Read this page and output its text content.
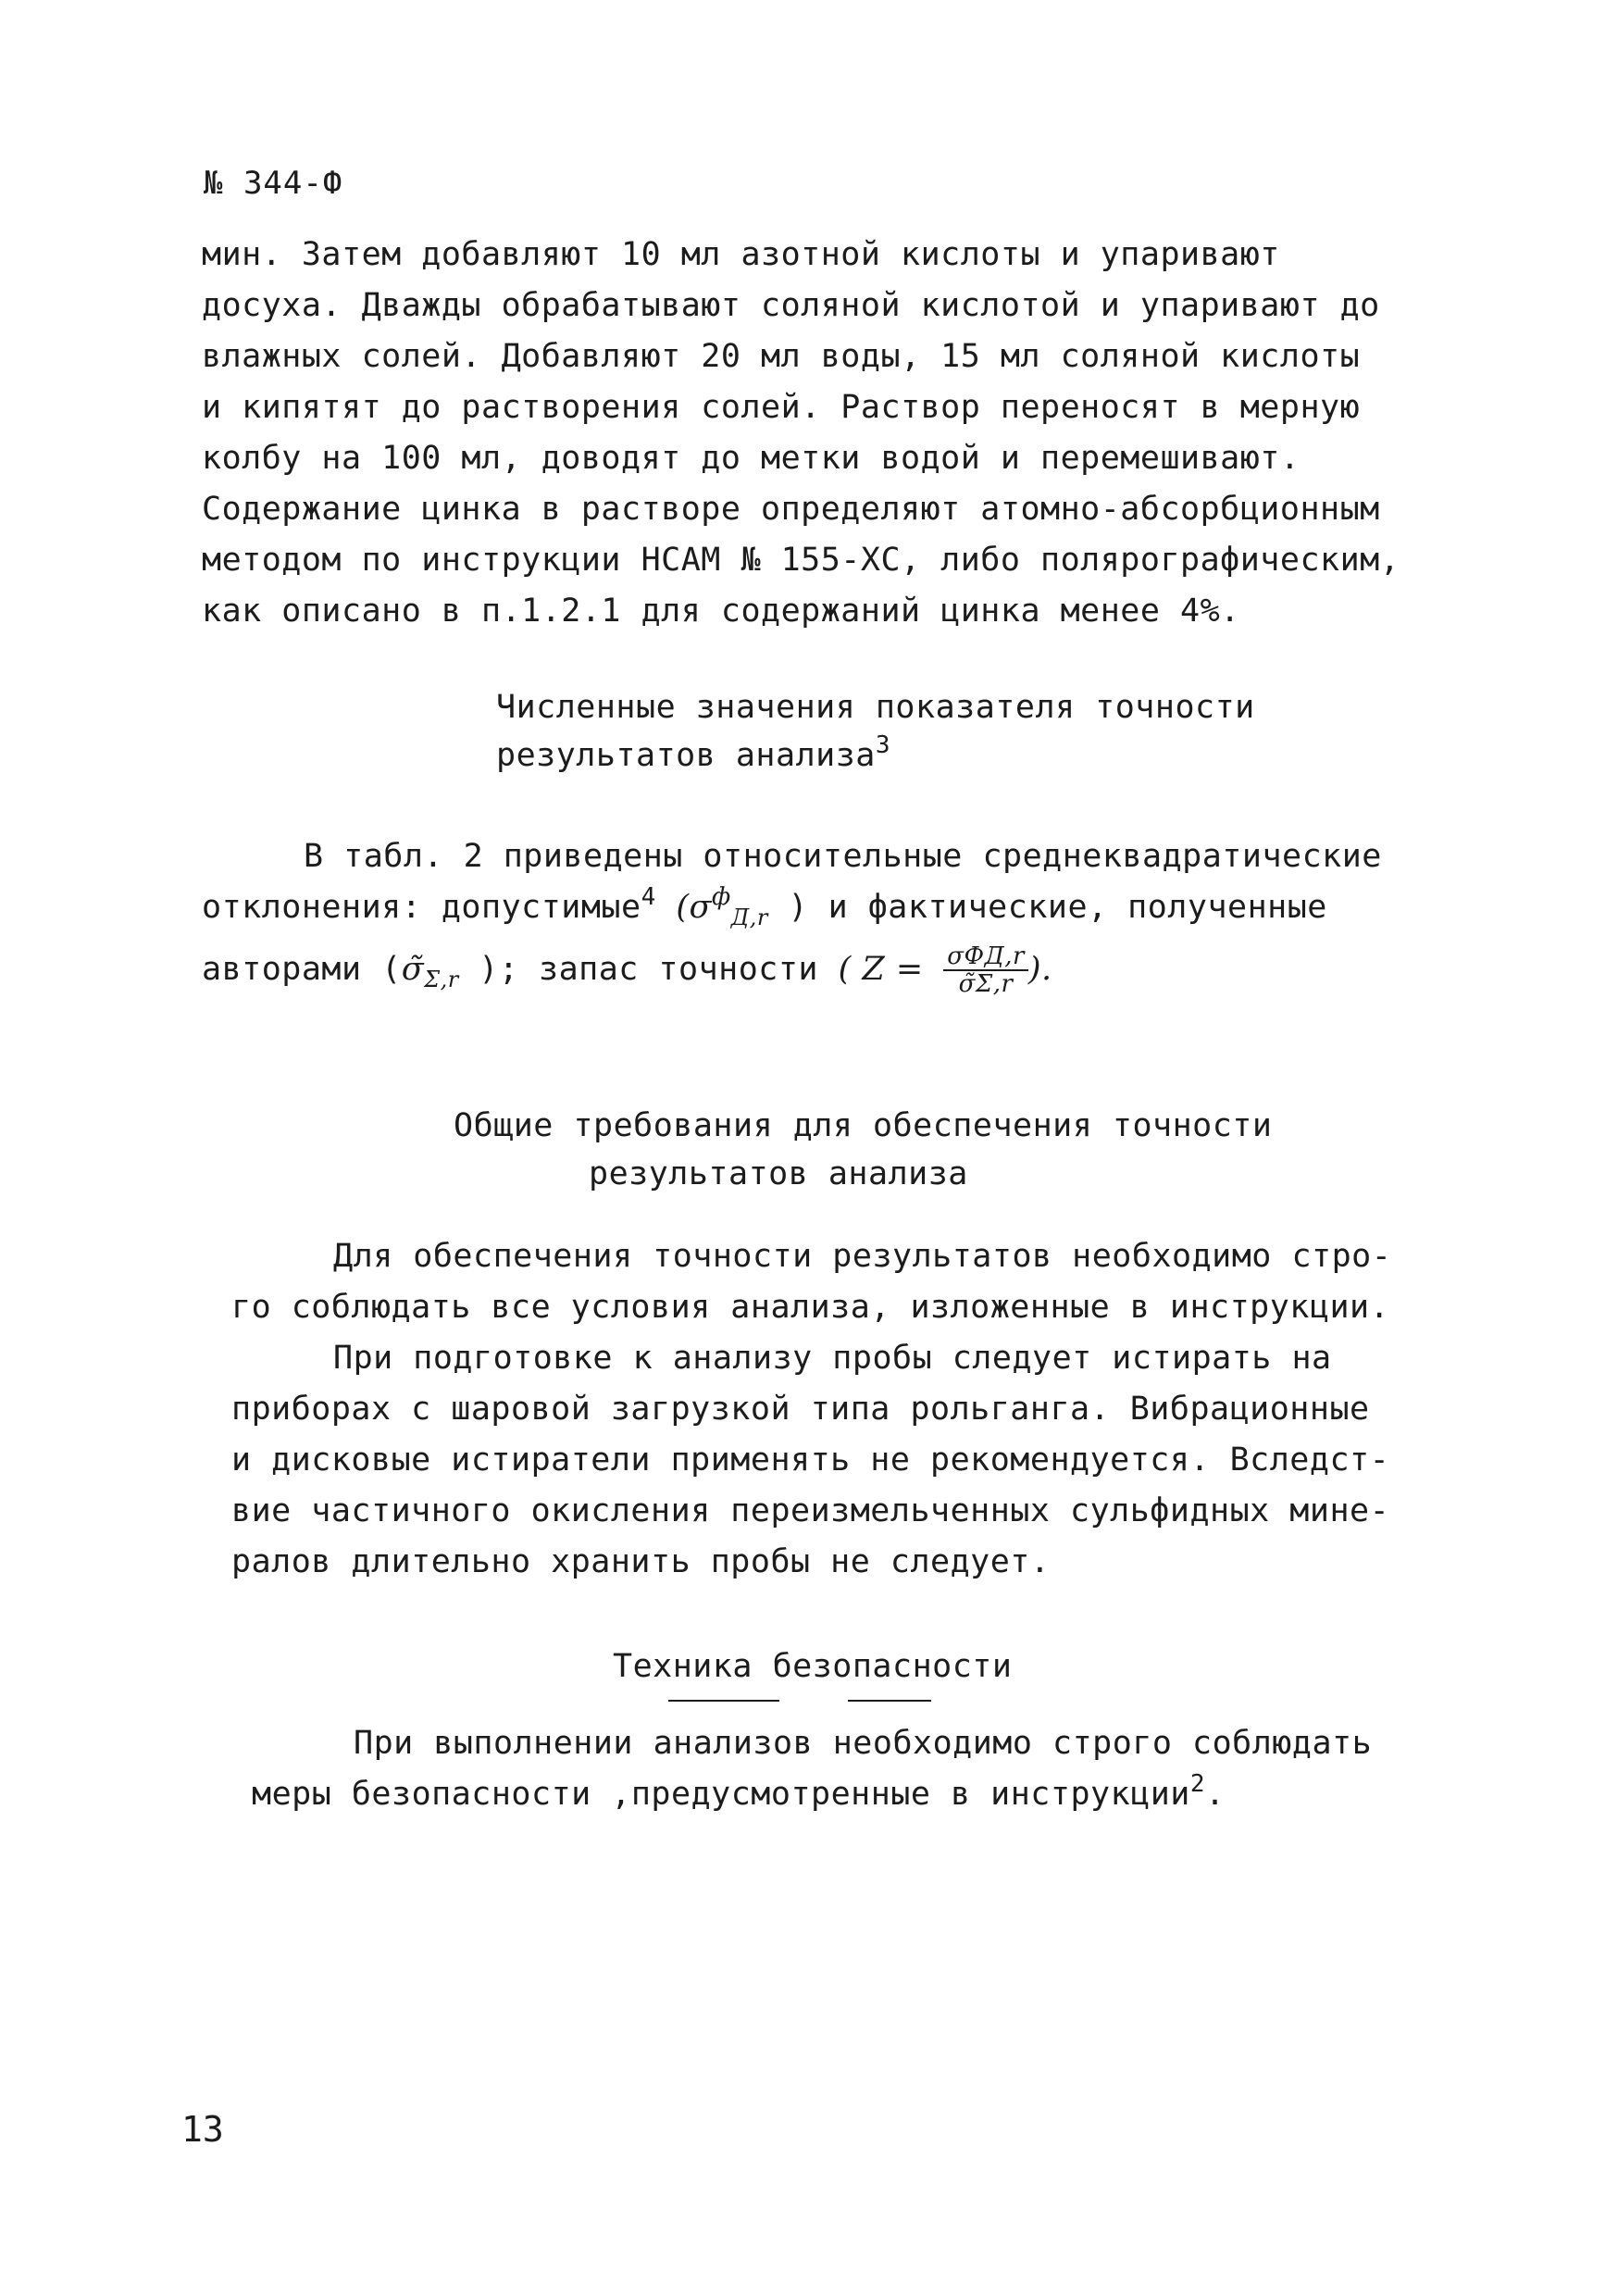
№ 344-Ф
мин. Затем добавляют 10 мл азотной кислоты и упаривают
досуха. Дважды обрабатывают соляной кислотой и упаривают до
влажных солей. Добавляют 20 мл воды, 15 мл соляной кислоты
и кипятят до растворения солей. Раствор переносят в мерную
колбу на 100 мл, доводят до метки водой и перемешивают.
Содержание цинка в растворе определяют атомно-абсорбционным
методом по инструкции НСАМ № 155-ХС, либо полярографическим,
как описано в п.1.2.1 для содержаний цинка менее 4%.
Численные значения показателя точности
результатов анализа$^3$
В табл. 2 приведены относительные среднеквадратические
отклонения: допустимые$^4$ ($\sigma^ф_{Д,r}$ ) и фактические, полученные
авторами ($\sigmã_{\Sigma,r}$ ); запас точности ( $Z = \frac{\text{σФД,r}}{\sigmã\Sigma,r}$ ).
Общие требования для обеспечения точности
результатов анализа
Для обеспечения точности результатов необходимо стро-
го соблюдать все условия анализа, изложенные в инструкции.
При подготовке к анализу пробы следует истирать на
приборах с шаровой загрузкой типа рольганга. Вибрационные
и дисковые истиратели применять не рекомендуется. Вследст-
вие частичного окисления переизмельченных сульфидных мине-
ралов длительно хранить пробы не следует.
Техника безопасности
При выполнении анализов необходимо строго соблюдать
меры безопасности ,предусмотренные в инструкции$^2$.
13
